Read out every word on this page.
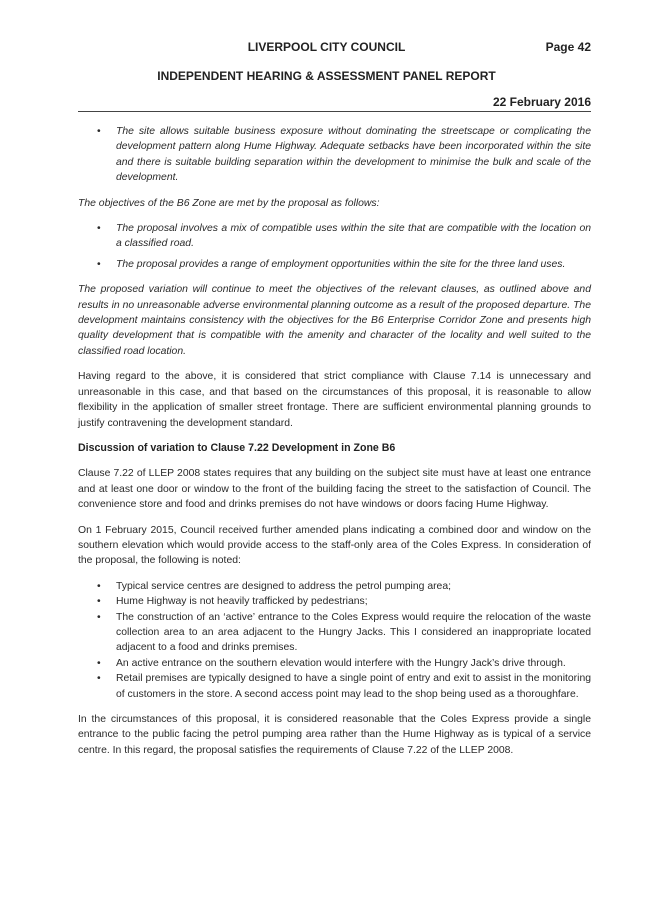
LIVERPOOL CITY COUNCIL	Page 42
INDEPENDENT HEARING & ASSESSMENT PANEL REPORT
22 February 2016
• The site allows suitable business exposure without dominating the streetscape or complicating the development pattern along Hume Highway. Adequate setbacks have been incorporated within the site and there is suitable building separation within the development to minimise the bulk and scale of the development.

The objectives of the B6 Zone are met by the proposal as follows:

• The proposal involves a mix of compatible uses within the site that are compatible with the location on a classified road.
• The proposal provides a range of employment opportunities within the site for the three land uses.

The proposed variation will continue to meet the objectives of the relevant clauses, as outlined above and results in no unreasonable adverse environmental planning outcome as a result of the proposed departure. The development maintains consistency with the objectives for the B6 Enterprise Corridor Zone and presents high quality development that is compatible with the amenity and character of the locality and well suited to the classified road location.

Having regard to the above, it is considered that strict compliance with Clause 7.14 is unnecessary and unreasonable in this case, and that based on the circumstances of this proposal, it is reasonable to allow flexibility in the application of smaller street frontage. There are sufficient environmental planning grounds to justify contravening the development standard.

Discussion of variation to Clause 7.22 Development in Zone B6

Clause 7.22 of LLEP 2008 states requires that any building on the subject site must have at least one entrance and at least one door or window to the front of the building facing the street to the satisfaction of Council. The convenience store and food and drinks premises do not have windows or doors facing Hume Highway.

On 1 February 2015, Council received further amended plans indicating a combined door and window on the southern elevation which would provide access to the staff-only area of the Coles Express. In consideration of the proposal, the following is noted:

• Typical service centres are designed to address the petrol pumping area;
• Hume Highway is not heavily trafficked by pedestrians;
• The construction of an ‘active’ entrance to the Coles Express would require the relocation of the waste collection area to an area adjacent to the Hungry Jacks. This I considered an inappropriate located adjacent to a food and drinks premises.
• An active entrance on the southern elevation would interfere with the Hungry Jack’s drive through.
• Retail premises are typically designed to have a single point of entry and exit to assist in the monitoring of customers in the store. A second access point may lead to the shop being used as a thoroughfare.

In the circumstances of this proposal, it is considered reasonable that the Coles Express provide a single entrance to the public facing the petrol pumping area rather than the Hume Highway as is typical of a service centre. In this regard, the proposal satisfies the requirements of Clause 7.22 of the LLEP 2008.
